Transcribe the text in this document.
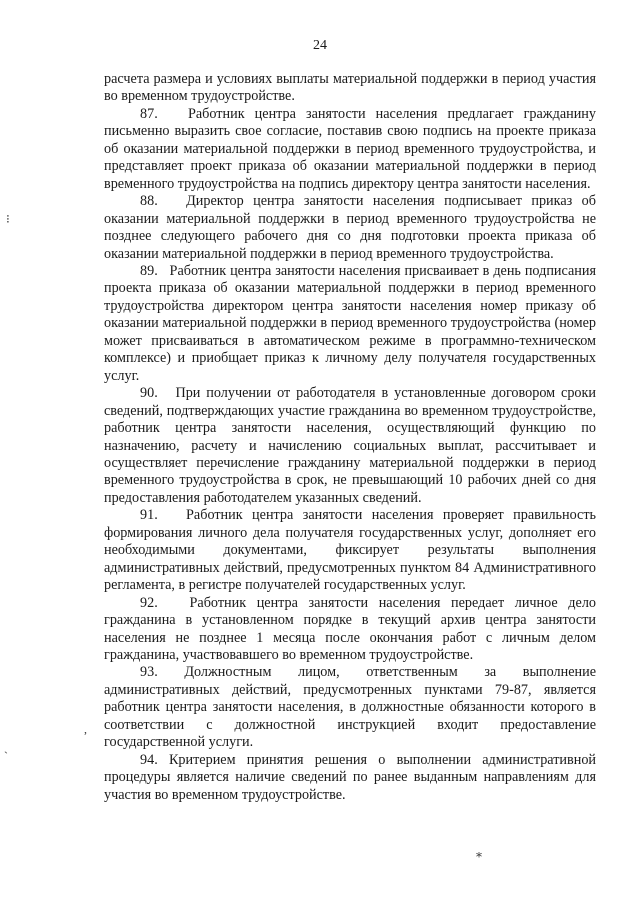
24

расчета размера и условиях выплаты материальной поддержки в период участия во временном трудоустройстве.

87.   Работник центра занятости населения предлагает гражданину письменно выразить свое согласие, поставив свою подпись на проекте приказа об оказании материальной поддержки в период временного трудоустройства, и представляет проект приказа об оказании материальной поддержки в период временного трудоустройства на подпись директору центра занятости населения.

88.   Директор центра занятости населения подписывает приказ об оказании материальной поддержки в период временного трудоустройства не позднее следующего рабочего дня со дня подготовки проекта приказа об оказании материальной поддержки в период временного трудоустройства.

89.   Работник центра занятости населения присваивает в день подписания проекта приказа об оказании материальной поддержки в период временного трудоустройства директором центра занятости населения номер приказу об оказании материальной поддержки в период временного трудоустройства (номер может присваиваться в автоматическом режиме в программно-техническом комплексе) и приобщает приказ к личному делу получателя государственных услуг.

90.   При получении от работодателя в установленные договором сроки сведений, подтверждающих участие гражданина во временном трудоустройстве, работник центра занятости населения, осуществляющий функцию по назначению, расчету и начислению социальных выплат, рассчитывает и осуществляет перечисление гражданину материальной поддержки в период временного трудоустройства в срок, не превышающий 10 рабочих дней со дня предоставления работодателем указанных сведений.

91.   Работник центра занятости населения проверяет правильность формирования личного дела получателя государственных услуг, дополняет его необходимыми документами, фиксирует результаты выполнения административных действий, предусмотренных пунктом 84 Административного регламента, в регистре получателей государственных услуг.

92.   Работник центра занятости населения передает личное дело гражданина в установленном порядке в текущий архив центра занятости населения не позднее 1 месяца после окончания работ с личным делом гражданина, участвовавшего во временном трудоустройстве.

93. Должностным лицом, ответственным за выполнение административных действий, предусмотренных пунктами 79-87, является работник центра занятости населения, в должностные обязанности которого в соответствии с должностной инструкцией входит предоставление государственной услуги.

94. Критерием принятия решения о выполнении административной процедуры является наличие сведений по ранее выданным направлениям для участия во временном трудоустройстве.

⁝
ˎ
,
⁎
